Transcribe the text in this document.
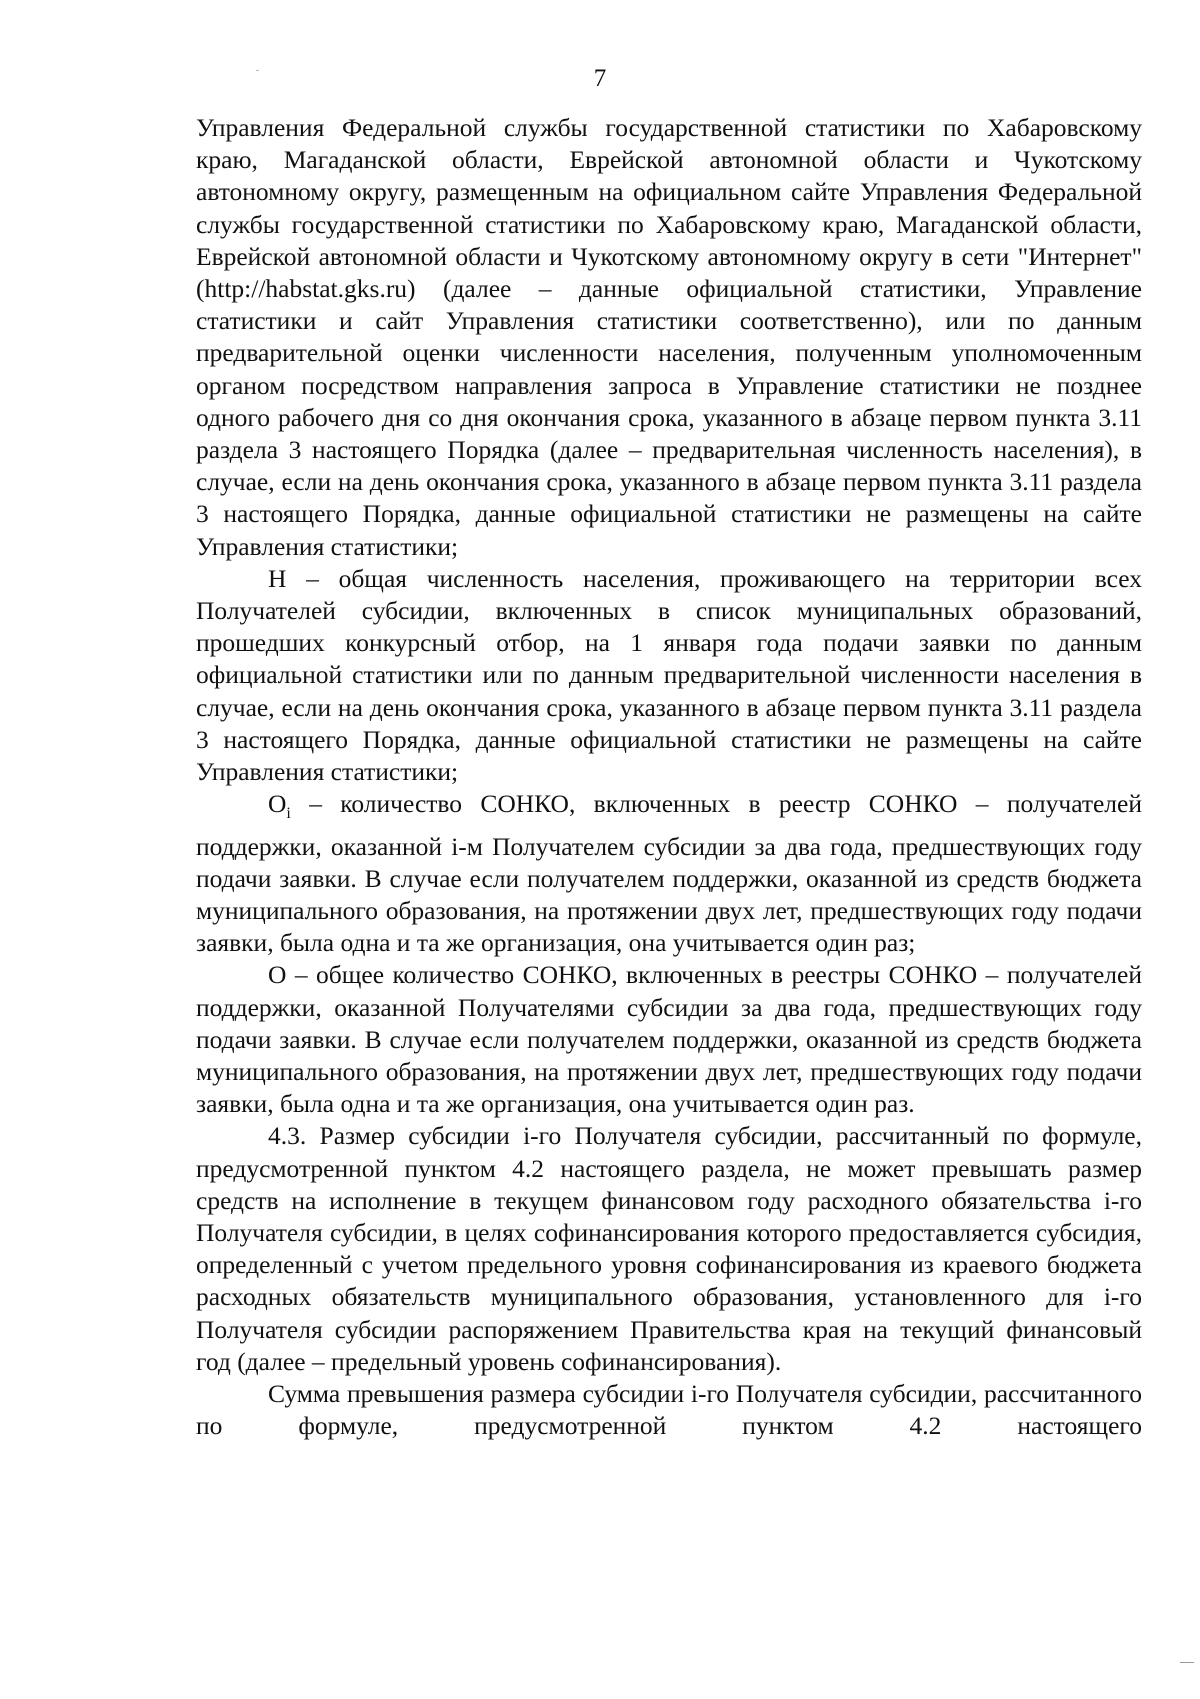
7

Управления Федеральной службы государственной статистики по Хабаровскому краю, Магаданской области, Еврейской автономной области и Чукотскому автономному округу, размещенным на официальном сайте Управления Федеральной службы государственной статистики по Хабаровскому краю, Магаданской области, Еврейской автономной области и Чукотскому автономному округу в сети "Интернет" (http://habstat.gks.ru) (далее – данные официальной статистики, Управление статистики и сайт Управления статистики соответственно), или по данным предварительной оценки численности населения, полученным уполномоченным органом посредством направления запроса в Управление статистики не позднее одного рабочего дня со дня окончания срока, указанного в абзаце первом пункта 3.11 раздела 3 настоящего Порядка (далее – предварительная численность населения), в случае, если на день окончания срока, указанного в абзаце первом пункта 3.11 раздела 3 настоящего Порядка, данные официальной статистики не размещены на сайте Управления статистики;

Н – общая численность населения, проживающего на территории всех Получателей субсидии, включенных в список муниципальных образований, прошедших конкурсный отбор, на 1 января года подачи заявки по данным официальной статистики или по данным предварительной численности населения в случае, если на день окончания срока, указанного в абзаце первом пункта 3.11 раздела 3 настоящего Порядка, данные официальной статистики не размещены на сайте Управления статистики;

$О_i$ – количество СОНКО, включенных в реестр СОНКО – получателей поддержки, оказанной i-м Получателем субсидии за два года, предшествующих году подачи заявки. В случае если получателем поддержки, оказанной из средств бюджета муниципального образования, на протяжении двух лет, предшествующих году подачи заявки, была одна и та же организация, она учитывается один раз;

О – общее количество СОНКО, включенных в реестры СОНКО – получателей поддержки, оказанной Получателями субсидии за два года, предшествующих году подачи заявки. В случае если получателем поддержки, оказанной из средств бюджета муниципального образования, на протяжении двух лет, предшествующих году подачи заявки, была одна и та же организация, она учитывается один раз.

4.3. Размер субсидии i-го Получателя субсидии, рассчитанный по формуле, предусмотренной пунктом 4.2 настоящего раздела, не может превышать размер средств на исполнение в текущем финансовом году расходного обязательства i-го Получателя субсидии, в целях софинансирования которого предоставляется субсидия, определенный с учетом предельного уровня софинансирования из краевого бюджета расходных обязательств муниципального образования, установленного для i-го Получателя субсидии распоряжением Правительства края на текущий финансовый год (далее – предельный уровень софинансирования).

Сумма превышения размера субсидии i-го Получателя субсидии, рассчитанного по формуле, предусмотренной пунктом 4.2 настоящего
